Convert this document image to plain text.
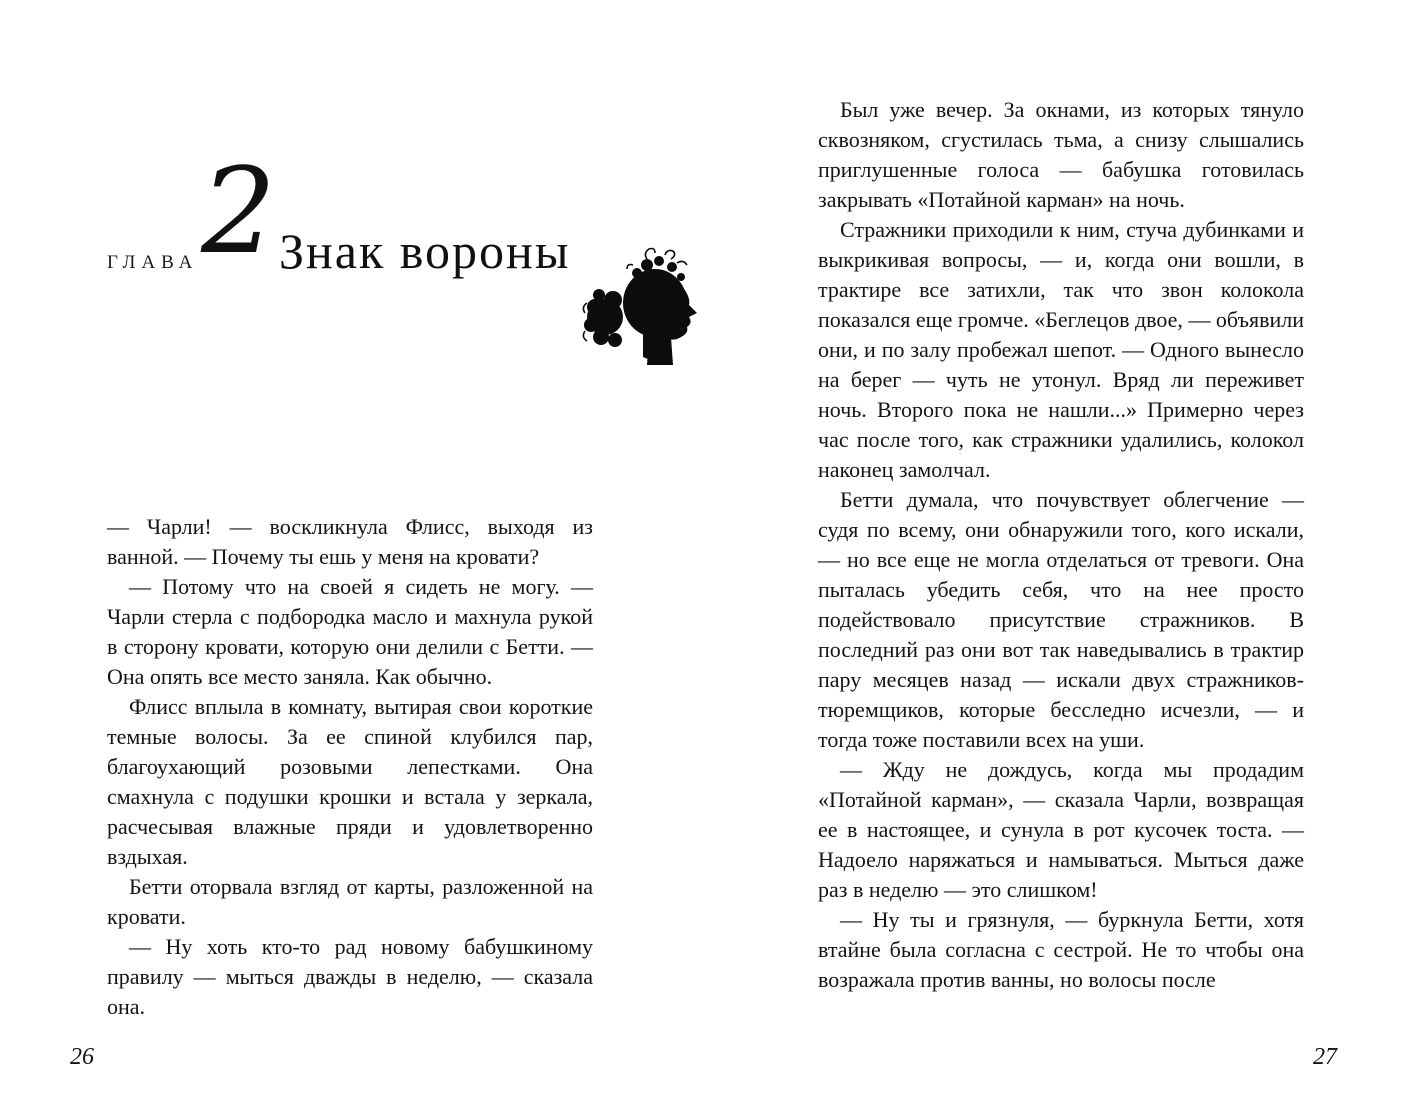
ГЛАВА 2 Знак вороны

— Чарли! — воскликнула Флисс, выходя из ванной. — Почему ты ешь у меня на кровати?

— Потому что на своей я сидеть не могу. — Чарли стерла с подбородка масло и махнула рукой в сторону кровати, которую они делили с Бетти. — Она опять все место заняла. Как обычно.

Флисс вплыла в комнату, вытирая свои короткие темные волосы. За ее спиной клубился пар, благоухающий розовыми лепестками. Она смахнула с подушки крошки и встала у зеркала, расчесывая влажные пряди и удовлетворенно вздыхая.

Бетти оторвала взгляд от карты, разложенной на кровати.

— Ну хоть кто-то рад новому бабушкиному правилу — мыться дважды в неделю, — сказала она.

26

Был уже вечер. За окнами, из которых тянуло сквозняком, сгустилась тьма, а снизу слышались приглушенные голоса — бабушка готовилась закрывать «Потайной карман» на ночь.

Стражники приходили к ним, стуча дубинками и выкрикивая вопросы, — и, когда они вошли, в трактире все затихли, так что звон колокола показался еще громче. «Беглецов двое, — объявили они, и по залу пробежал шепот. — Одного вынесло на берег — чуть не утонул. Вряд ли переживет ночь. Второго пока не нашли...» Примерно через час после того, как стражники удалились, колокол наконец замолчал.

Бетти думала, что почувствует облегчение — судя по всему, они обнаружили того, кого искали, — но все еще не могла отделаться от тревоги. Она пыталась убедить себя, что на нее просто подействовало присутствие стражников. В последний раз они вот так наведывались в трактир пару месяцев назад — искали двух стражников-тюремщиков, которые бесследно исчезли, — и тогда тоже поставили всех на уши.

— Жду не дождусь, когда мы продадим «Потайной карман», — сказала Чарли, возвращая ее в настоящее, и сунула в рот кусочек тоста. — Надоело наряжаться и намываться. Мыться даже раз в неделю — это слишком!

— Ну ты и грязнуля, — буркнула Бетти, хотя втайне была согласна с сестрой. Не то чтобы она возражала против ванны, но волосы после

27
